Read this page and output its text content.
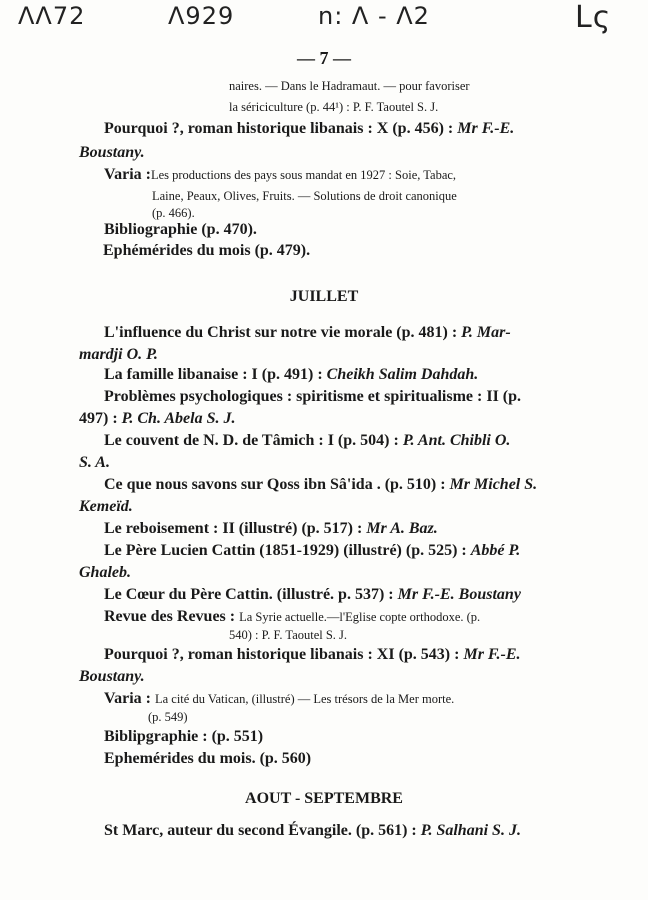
ΛΛ72	Λ929	n: Λ - Λ2	Lς
— 7 —
naires. — Dans le Hadramaut. — pour favoriser
la sériciculture (p. 44¹) : P. F. Taoutel S. J.
Pourquoi ?, roman historique libanais : X (p. 456) : Mr F.-E.
Boustany.
Varia :Les productions des pays sous mandat en 1927 : Soie, Tabac,
Laine, Peaux, Olives, Fruits. — Solutions de droit canonique
(p. 466).
Bibliographie (p. 470).
Ephémérides du mois (p. 479).
JUILLET
L'influence du Christ sur notre vie morale (p. 481) : P. Mar-
mardji O. P.
La famille libanaise : I (p. 491) : Cheikh Salim Dahdah.
Problèmes psychologiques : spiritisme et spiritualisme : II (p.
497) : P. Ch. Abela S. J.
Le couvent de N. D. de Tâmich : I (p. 504) : P. Ant. Chibli O.
S. A.
Ce que nous savons sur Qoss ibn Sâ'ida . (p. 510) : Mr Michel S.
Kemeïd.
Le reboisement : II (illustré) (p. 517) : Mr A. Baz.
Le Père Lucien Cattin (1851-1929) (illustré) (p. 525) : Abbé P.
Ghaleb.
Le Cœur du Père Cattin. (illustré. p. 537) : Mr F.-E. Boustany
Revue des Revues : La Syrie actuelle.—l'Eglise copte orthodoxe. (p.
540) : P. F. Taoutel S. J.
Pourquoi ?, roman historique libanais : XI (p. 543) : Mr F.-E.
Boustany.
Varia : La cité du Vatican, (illustré) — Les trésors de la Mer morte.
(p. 549)
Biblipgraphie : (p. 551)
Ephemérides du mois. (p. 560)
AOUT - SEPTEMBRE
St Marc, auteur du second Évangile. (p. 561) : P. Salhani S. J.
